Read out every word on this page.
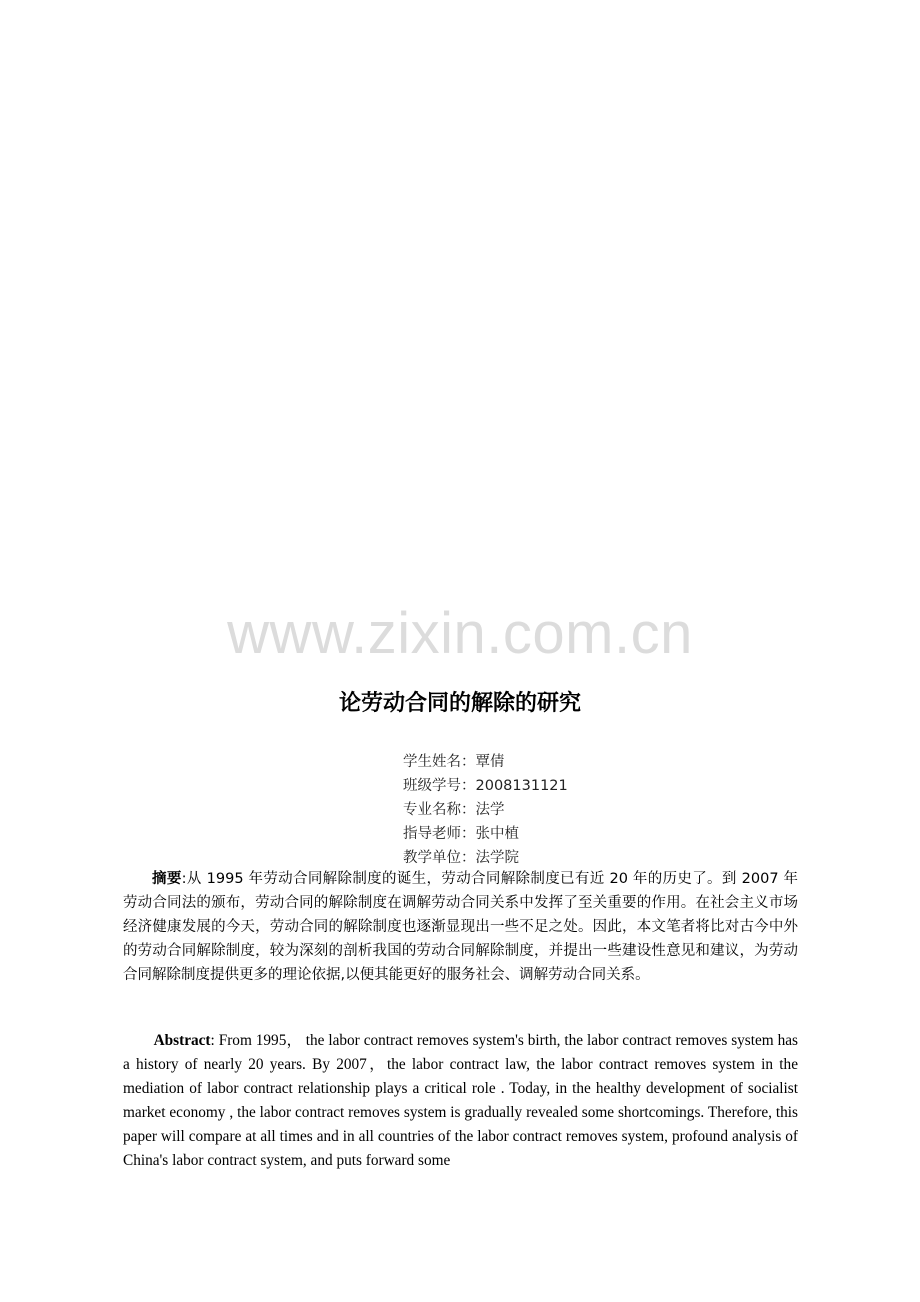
www.zixin.com.cn
论劳动合同的解除的研究
学生姓名：覃倩
班级学号：2008131121
专业名称：法学
指导老师：张中植
教学单位：法学院
摘要:从 1995 年劳动合同解除制度的诞生，劳动合同解除制度已有近 20 年的历史了。到 2007 年劳动合同法的颁布，劳动合同的解除制度在调解劳动合同关系中发挥了至关重要的作用。在社会主义市场经济健康发展的今天，劳动合同的解除制度也逐渐显现出一些不足之处。因此，本文笔者将比对古今中外的劳动合同解除制度，较为深刻的剖析我国的劳动合同解除制度，并提出一些建设性意见和建议，为劳动合同解除制度提供更多的理论依据,以便其能更好的服务社会、调解劳动合同关系。
Abstract: From 1995， the labor contract removes system's birth, the labor contract removes system has a history of nearly 20 years. By 2007，the labor contract law, the labor contract removes system in the mediation of labor contract relationship plays a critical role . Today, in the healthy development of socialist market economy , the labor contract removes system is gradually revealed some shortcomings. Therefore, this paper will compare at all times and in all countries of the labor contract removes system, profound analysis of China's labor contract system, and puts forward some
